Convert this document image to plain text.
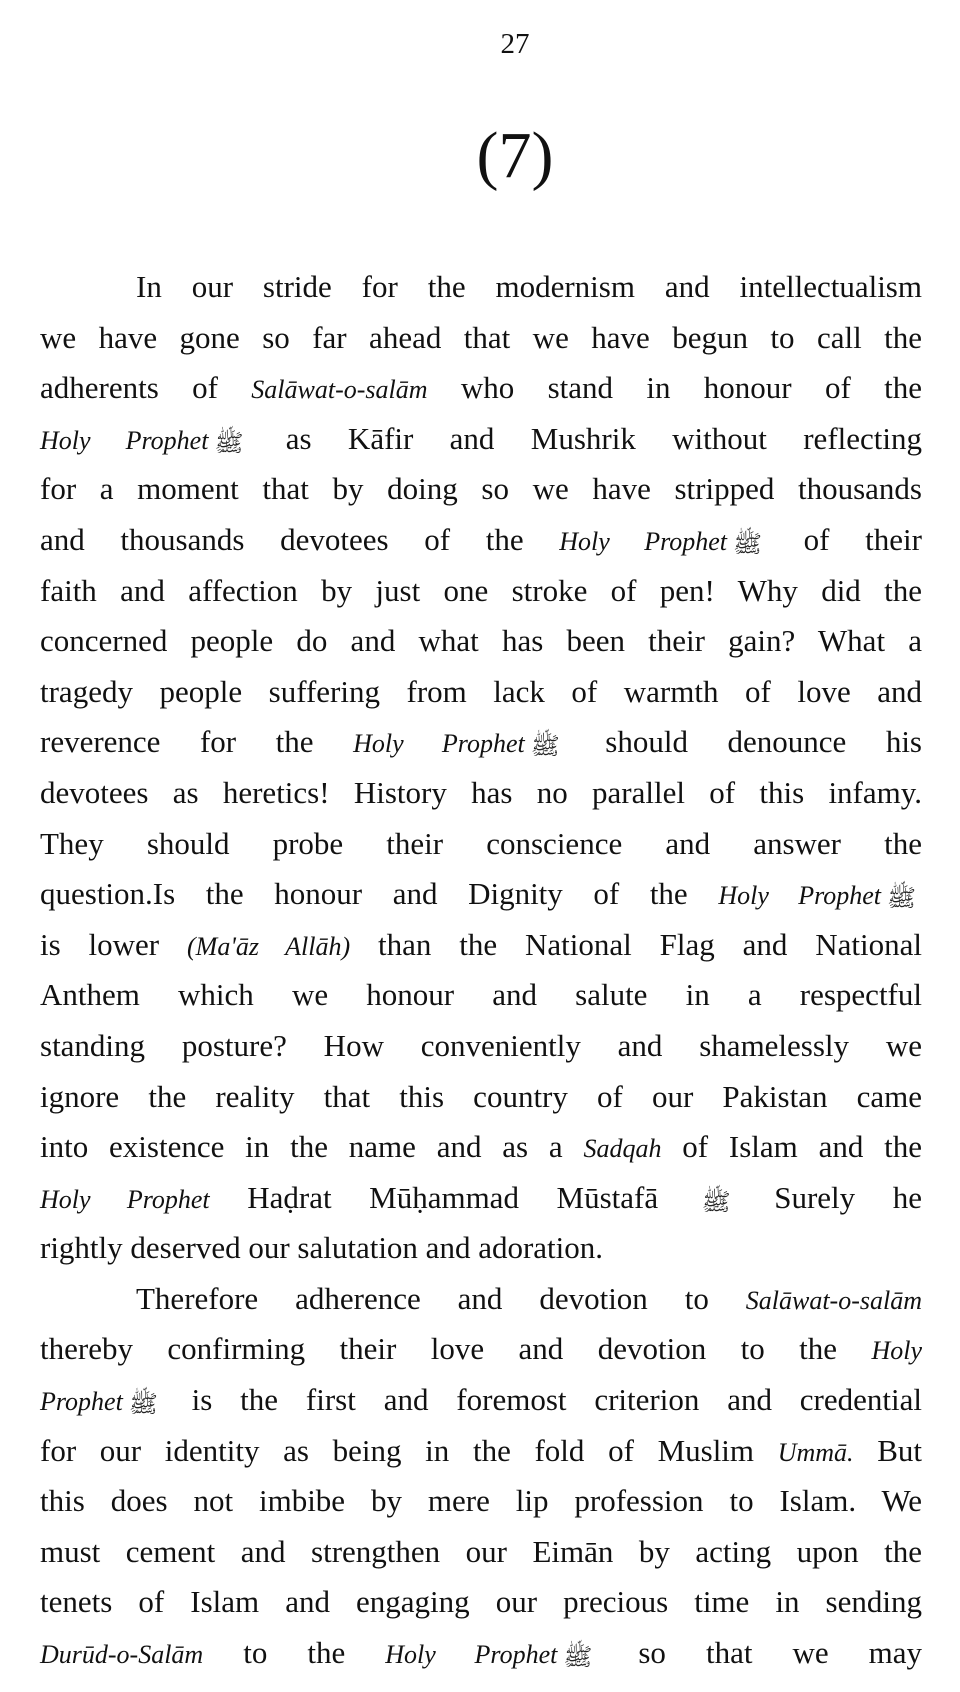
27
(7)
In our stride for the modernism and intellectualism
we have gone so far ahead that we have begun to call the
adherents of Salāwat-o-salām who stand in honour of the
Holy Prophet ﷺ as Kāfir and Mushrik without reflecting
for a moment that by doing so we have stripped thousands
and thousands devotees of the Holy Prophet ﷺ of their
faith and affection by just one stroke of pen! Why did the
concerned people do and what has been their gain? What a
tragedy people suffering from lack of warmth of love and
reverence for the Holy Prophet ﷺ should denounce his
devotees as heretics! History has no parallel of this infamy.
They should probe their conscience and answer the
question.Is the honour and Dignity of the Holy Prophet ﷺ
is lower (Ma'āz Allāh) than the National Flag and National
Anthem which we honour and salute in a respectful
standing posture? How conveniently and shamelessly we
ignore the reality that this country of our Pakistan came
into existence in the name and as a Sadqah of Islam and the
Holy Prophet Haḍrat Mūḥammad Mūstafā ﷺ Surely he
rightly deserved our salutation and adoration.
Therefore adherence and devotion to Salāwat-o-salām
thereby confirming their love and devotion to the Holy
Prophet ﷺ is the first and foremost criterion and credential
for our identity as being in the fold of Muslim Ummā. But
this does not imbibe by mere lip profession to Islam. We
must cement and strengthen our Eimān by acting upon the
tenets of Islam and engaging our precious time in sending
Durūd-o-Salām to the Holy Prophet ﷺ so that we may
